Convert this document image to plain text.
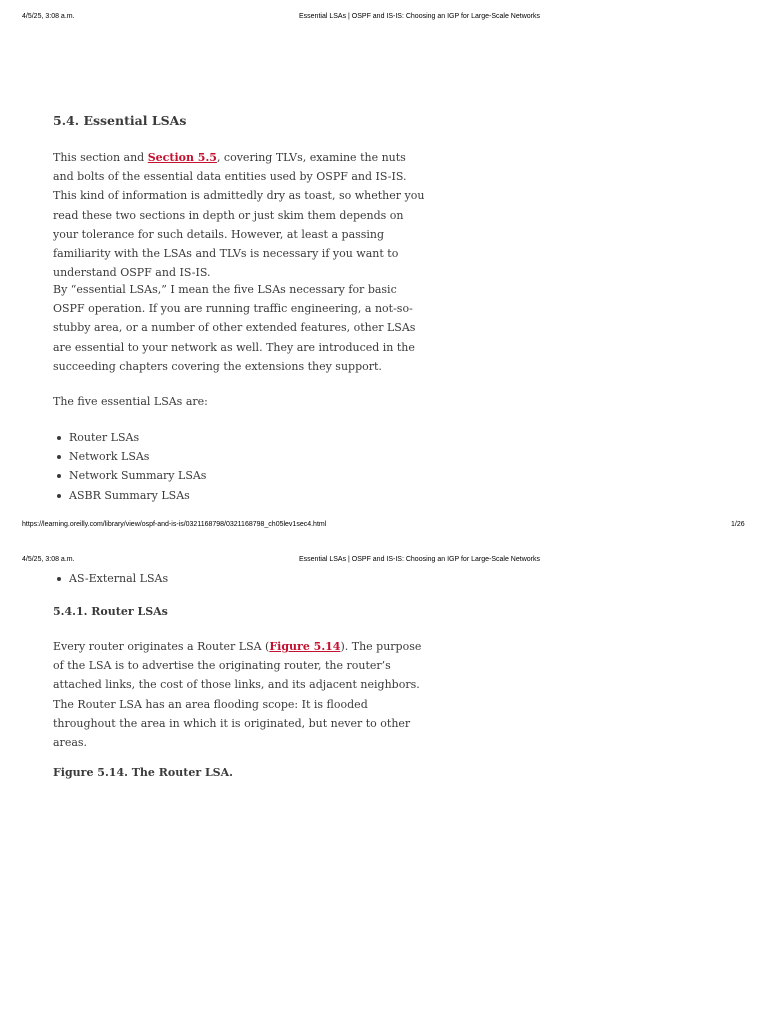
4/5/25, 3:08 a.m.	Essential LSAs | OSPF and IS-IS: Choosing an IGP for Large-Scale Networks
5.4. Essential LSAs

This section and Section 5.5, covering TLVs, examine the nuts and bolts of the essential data entities used by OSPF and IS-IS. This kind of information is admittedly dry as toast, so whether you read these two sections in depth or just skim them depends on your tolerance for such details. However, at least a passing familiarity with the LSAs and TLVs is necessary if you want to understand OSPF and IS-IS.

By “essential LSAs,” I mean the five LSAs necessary for basic OSPF operation. If you are running traffic engineering, a not-so-stubby area, or a number of other extended features, other LSAs are essential to your network as well. They are introduced in the succeeding chapters covering the extensions they support.

The five essential LSAs are:

Router LSAs
Network LSAs
Network Summary LSAs
ASBR Summary LSAs
https://learning.oreilly.com/library/view/ospf-and-is-is/0321168798/0321168798_ch05lev1sec4.html	1/26
4/5/25, 3:08 a.m.	Essential LSAs | OSPF and IS-IS: Choosing an IGP for Large-Scale Networks
AS-External LSAs
5.4.1. Router LSAs

Every router originates a Router LSA (Figure 5.14). The purpose of the LSA is to advertise the originating router, the router’s attached links, the cost of those links, and its adjacent neighbors. The Router LSA has an area flooding scope: It is flooded throughout the area in which it is originated, but never to other areas.

Figure 5.14. The Router LSA.
